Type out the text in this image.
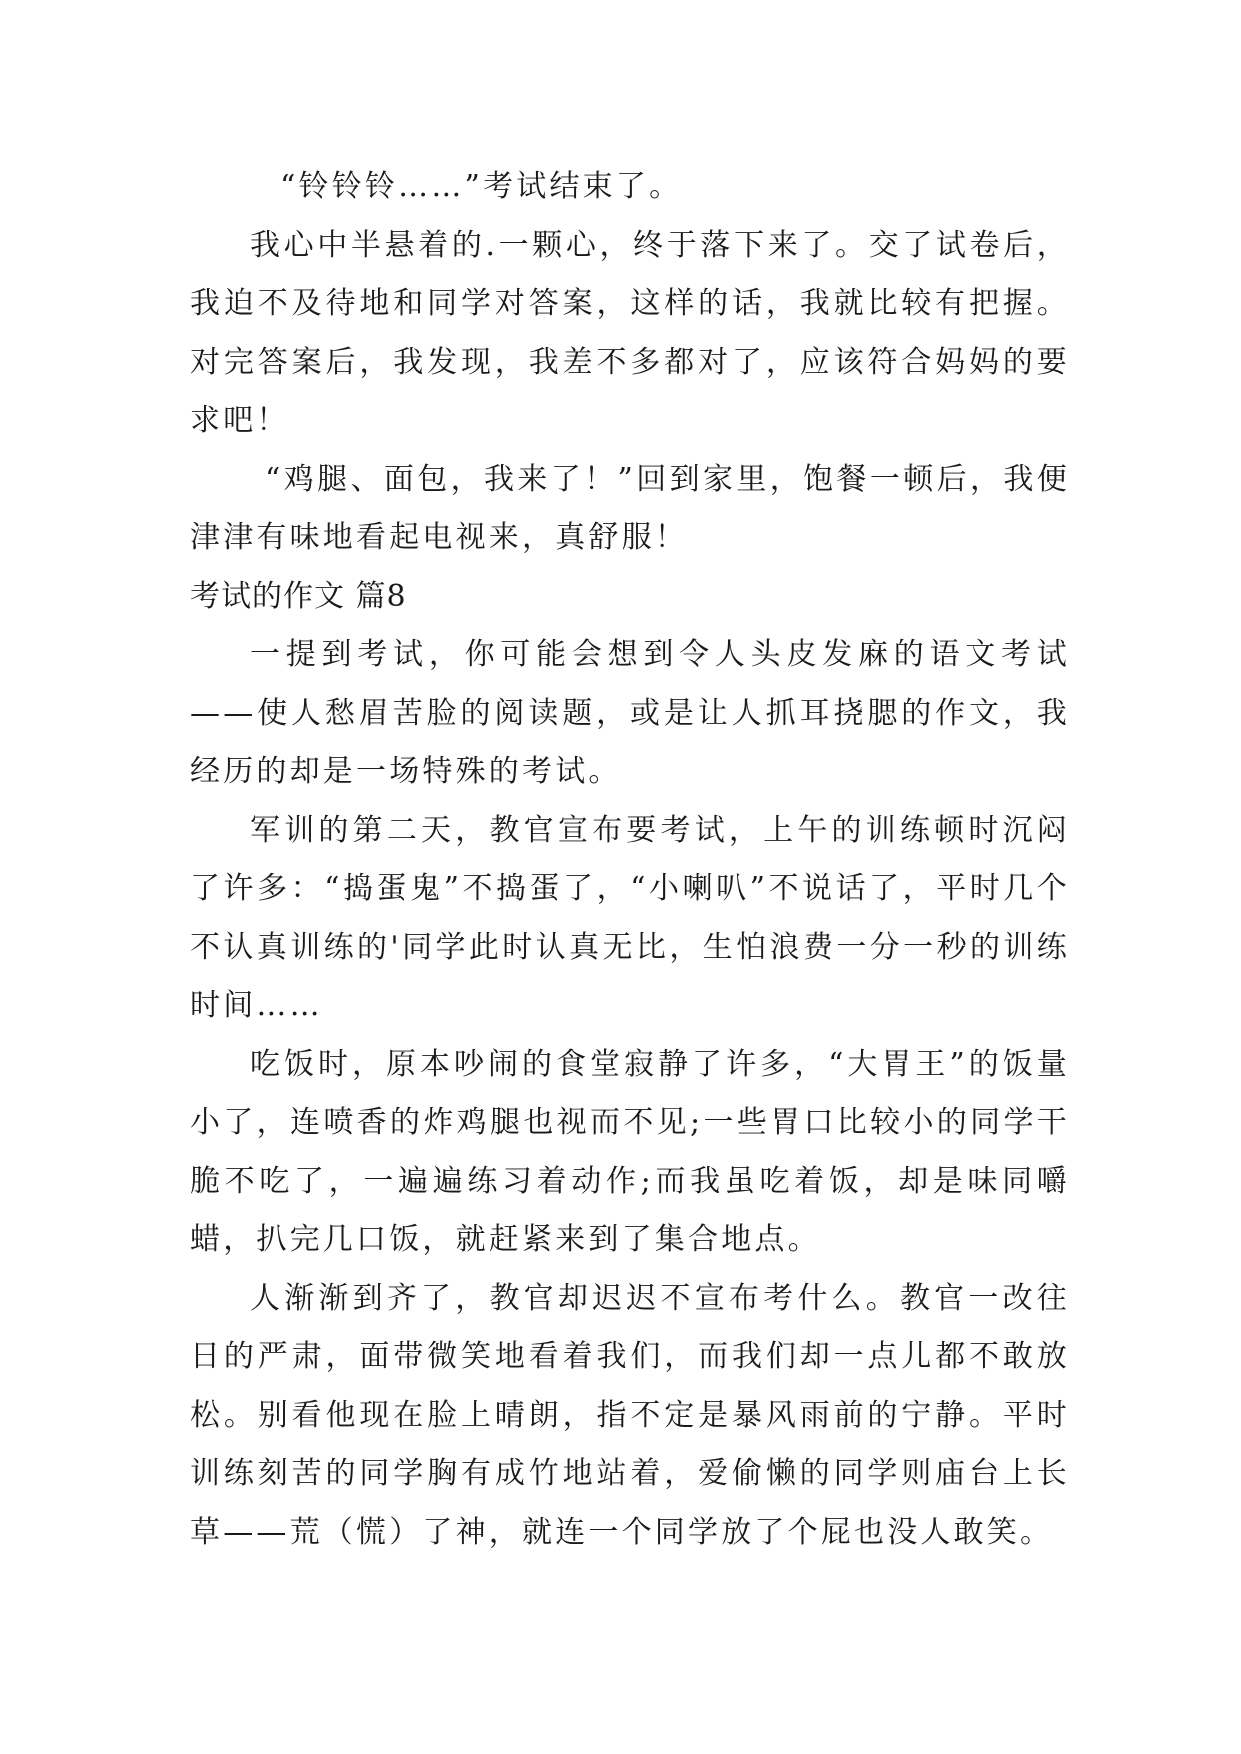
“铃铃铃……”考试结束了。

我心中半悬着的.一颗心，终于落下来了。交了试卷后，我迫不及待地和同学对答案，这样的话，我就比较有把握。对完答案后，我发现，我差不多都对了，应该符合妈妈的要求吧！

“鸡腿、面包，我来了！”回到家里，饱餐一顿后，我便津津有味地看起电视来，真舒服！

考试的作文 篇8

一提到考试，你可能会想到令人头皮发麻的语文考试——使人愁眉苦脸的阅读题，或是让人抓耳挠腮的作文，我经历的却是一场特殊的考试。

军训的第二天，教官宣布要考试，上午的训练顿时沉闷了许多：“捣蛋鬼”不捣蛋了，“小喇叭”不说话了，平时几个不认真训练的'同学此时认真无比，生怕浪费一分一秒的训练时间……

吃饭时，原本吵闹的食堂寂静了许多，“大胃王”的饭量小了，连喷香的炸鸡腿也视而不见;一些胃口比较小的同学干脆不吃了，一遍遍练习着动作;而我虽吃着饭，却是味同嚼蜡，扒完几口饭，就赶紧来到了集合地点。

人渐渐到齐了，教官却迟迟不宣布考什么。教官一改往日的严肃，面带微笑地看着我们，而我们却一点儿都不敢放松。别看他现在脸上晴朗，指不定是暴风雨前的宁静。平时训练刻苦的同学胸有成竹地站着，爱偷懒的同学则庙台上长草——荒（慌）了神，就连一个同学放了个屁也没人敢笑。
